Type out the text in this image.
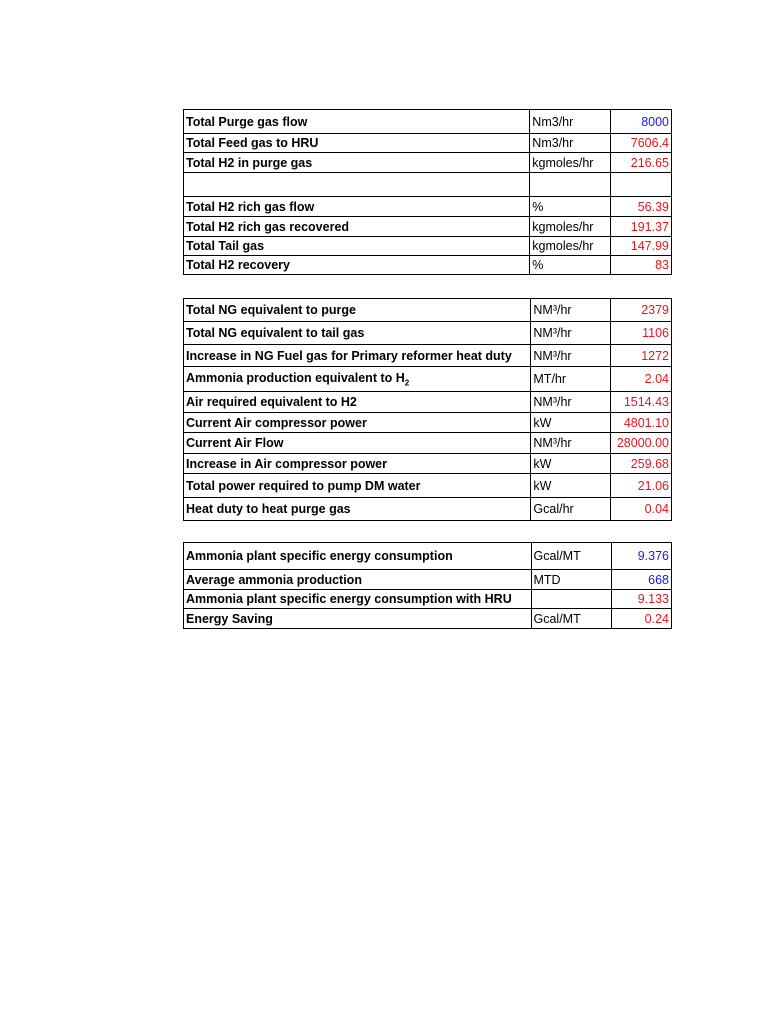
Total Purge gas flow	Nm3/hr	8000
Total Feed gas to HRU	Nm3/hr	7606.4
Total H2 in purge gas	kgmoles/hr	216.65

Total H2 rich gas flow	%	56.39
Total H2 rich gas recovered	kgmoles/hr	191.37
Total Tail gas	kgmoles/hr	147.99
Total H2 recovery	%	83
Total NG equivalent to purge	NM³/hr	2379
Total NG equivalent to tail gas	NM³/hr	1106
Increase in NG Fuel gas for Primary reformer heat duty	NM³/hr	1272
Ammonia production equivalent to $H_2$	MT/hr	2.04
Air required equivalent to H2	NM³/hr	1514.43
Current Air compressor power	kW	4801.10
Current Air Flow	NM³/hr	28000.00
Increase in Air compressor power	kW	259.68
Total power required to pump DM water	kW	21.06
Heat duty to heat purge gas	Gcal/hr	0.04
Ammonia plant specific energy consumption	Gcal/MT	9.376
Average ammonia production	MTD	668
Ammonia plant specific energy consumption with HRU		9.133
Energy Saving	Gcal/MT	0.24
